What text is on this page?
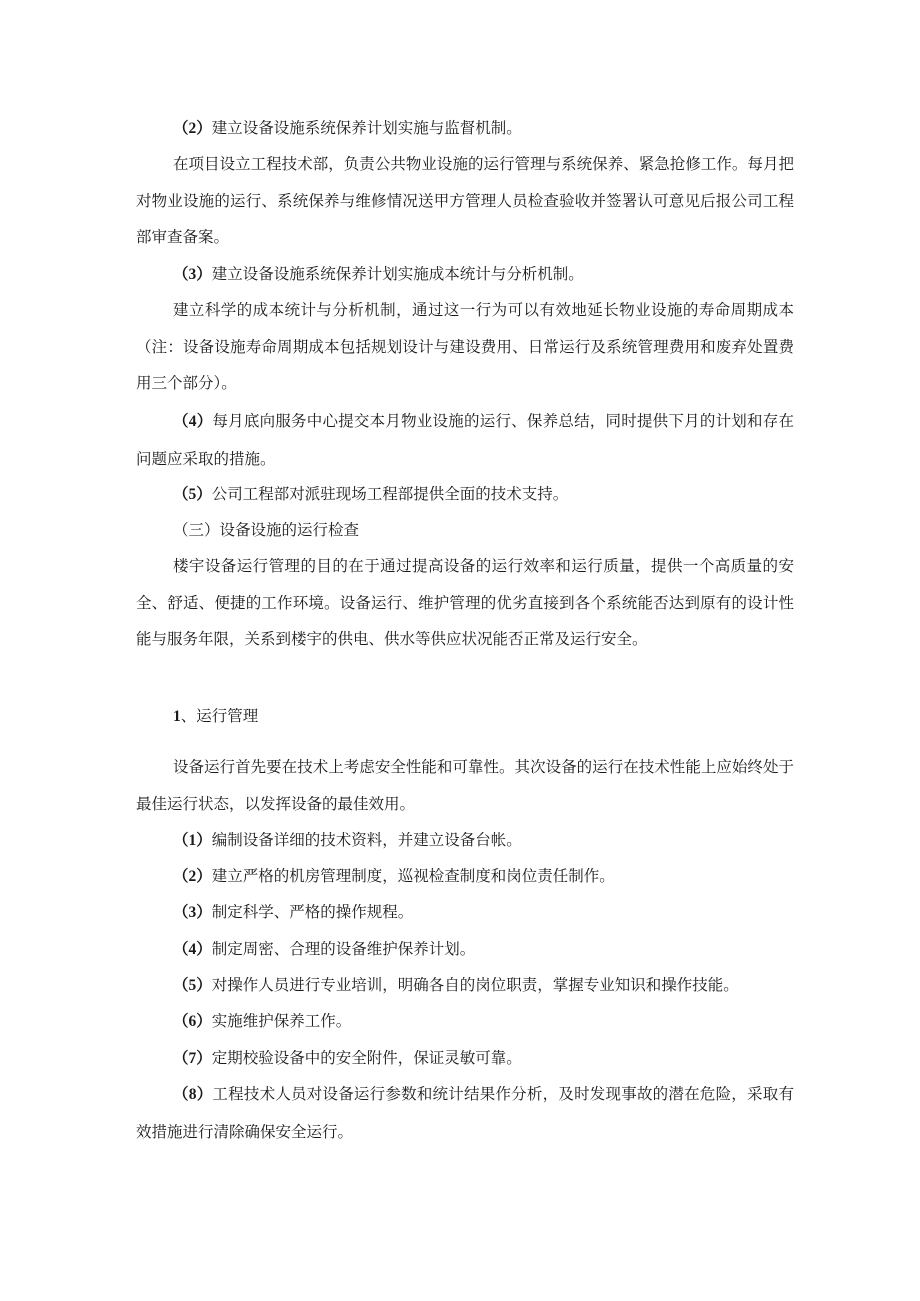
（2）建立设备设施系统保养计划实施与监督机制。

在项目设立工程技术部，负责公共物业设施的运行管理与系统保养、紧急抢修工作。每月把对物业设施的运行、系统保养与维修情况送甲方管理人员检查验收并签署认可意见后报公司工程部审查备案。

（3）建立设备设施系统保养计划实施成本统计与分析机制。

建立科学的成本统计与分析机制，通过这一行为可以有效地延长物业设施的寿命周期成本（注：设备设施寿命周期成本包括规划设计与建设费用、日常运行及系统管理费用和废弃处置费用三个部分）。

（4）每月底向服务中心提交本月物业设施的运行、保养总结，同时提供下月的计划和存在问题应采取的措施。

（5）公司工程部对派驻现场工程部提供全面的技术支持。

（三）设备设施的运行检查

楼宇设备运行管理的目的在于通过提高设备的运行效率和运行质量，提供一个高质量的安全、舒适、便捷的工作环境。设备运行、维护管理的优劣直接到各个系统能否达到原有的设计性能与服务年限，关系到楼宇的供电、供水等供应状况能否正常及运行安全。

1、运行管理

设备运行首先要在技术上考虑安全性能和可靠性。其次设备的运行在技术性能上应始终处于最佳运行状态，以发挥设备的最佳效用。

（1）编制设备详细的技术资料，并建立设备台帐。

（2）建立严格的机房管理制度，巡视检查制度和岗位责任制作。

（3）制定科学、严格的操作规程。

（4）制定周密、合理的设备维护保养计划。

（5）对操作人员进行专业培训，明确各自的岗位职责，掌握专业知识和操作技能。

（6）实施维护保养工作。

（7）定期校验设备中的安全附件，保证灵敏可靠。

（8）工程技术人员对设备运行参数和统计结果作分析，及时发现事故的潜在危险，采取有效措施进行清除确保安全运行。
